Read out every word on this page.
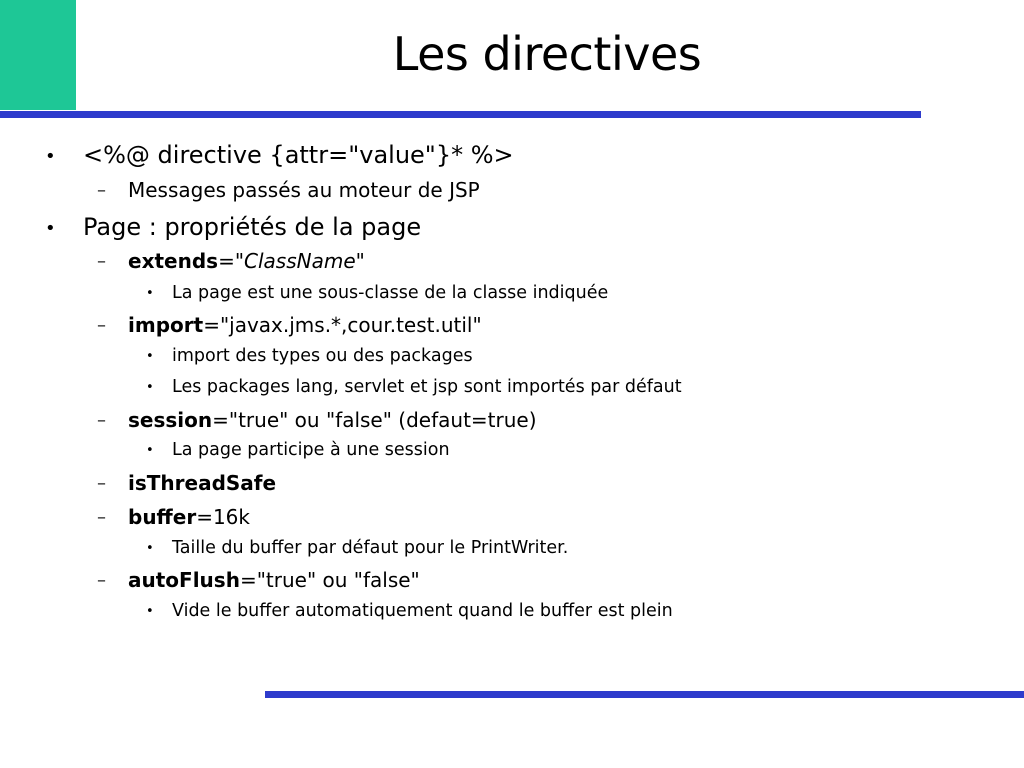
Les directives
• <%@ directive {attr="value"}* %>
– Messages passés au moteur de JSP
• Page : propriétés de la page
– extends="ClassName"
• La page est une sous-classe de la classe indiquée
– import="javax.jms.*,cour.test.util"
• import des types ou des packages
• Les packages lang, servlet et jsp sont importés par défaut
– session="true" ou "false" (defaut=true)
• La page participe à une session
– isThreadSafe
– buffer=16k
• Taille du buffer par défaut pour le PrintWriter.
– autoFlush="true" ou "false"
• Vide le buffer automatiquement quand le buffer est plein
